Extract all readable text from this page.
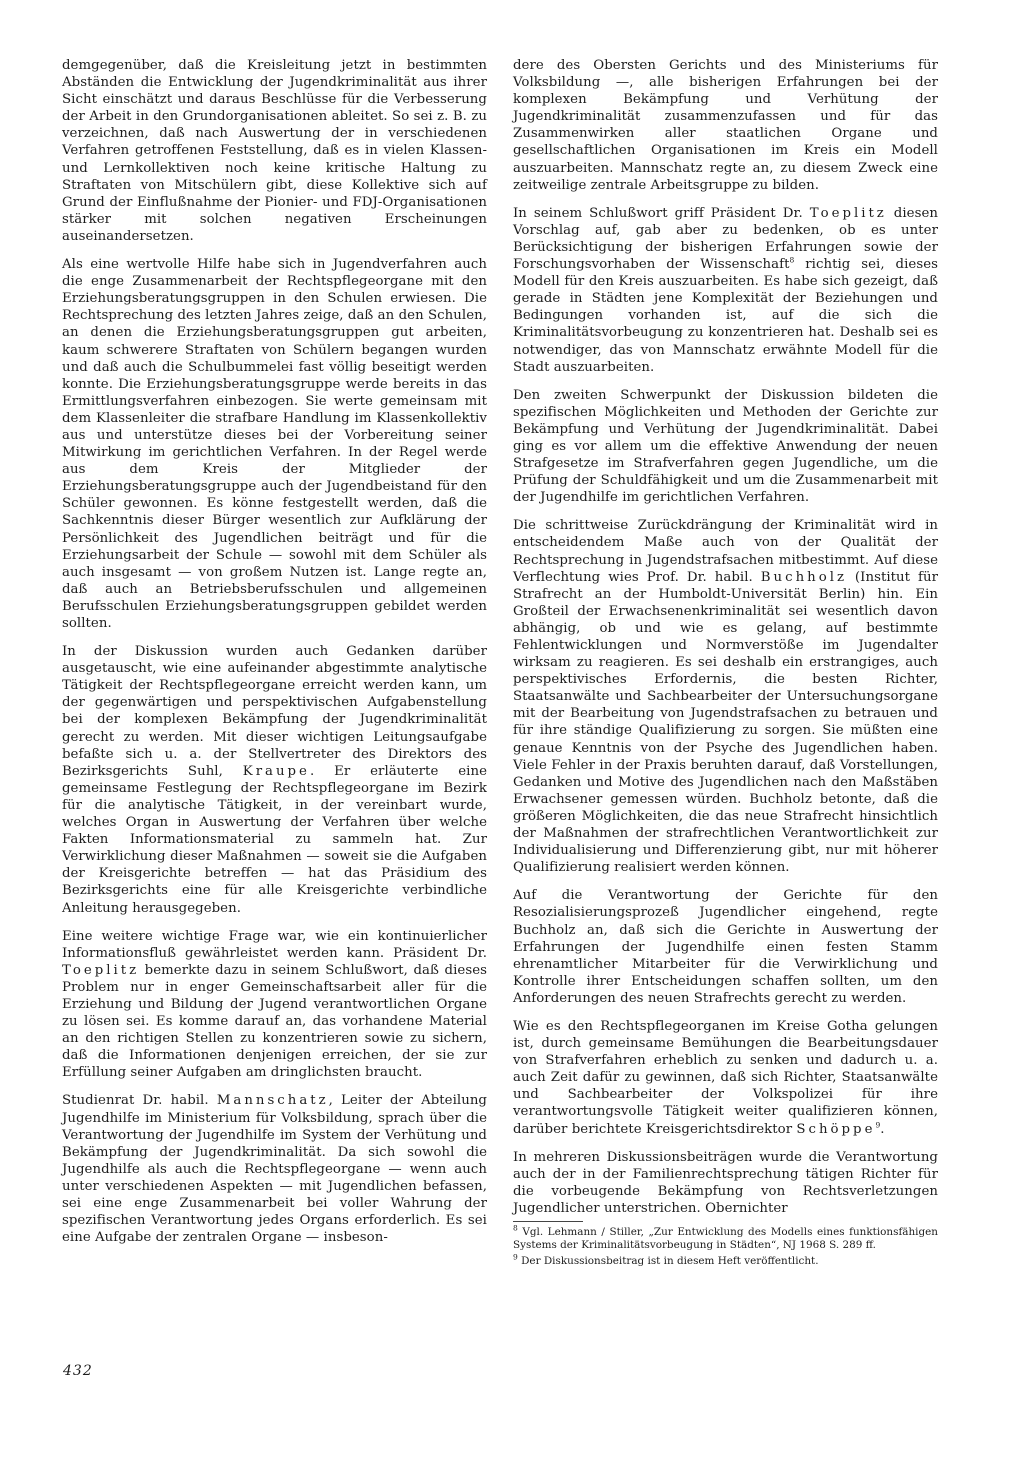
demgegenüber, daß die Kreisleitung jetzt in bestimmten Abständen die Entwicklung der Jugendkriminalität aus ihrer Sicht einschätzt und daraus Beschlüsse für die Verbesserung der Arbeit in den Grundorganisationen ableitet. So sei z. B. zu verzeichnen, daß nach Auswertung der in verschiedenen Verfahren getroffenen Feststellung, daß es in vielen Klassen- und Lernkollektiven noch keine kritische Haltung zu Straftaten von Mitschülern gibt, diese Kollektive sich auf Grund der Einflußnahme der Pionier- und FDJ-Organisationen stärker mit solchen negativen Erscheinungen auseinandersetzen.

Als eine wertvolle Hilfe habe sich in Jugendverfahren auch die enge Zusammenarbeit der Rechtspflegeorgane mit den Erziehungsberatungsgruppen in den Schulen erwiesen. Die Rechtsprechung des letzten Jahres zeige, daß an den Schulen, an denen die Erziehungsberatungsgruppen gut arbeiten, kaum schwerere Straftaten von Schülern begangen wurden und daß auch die Schulbummelei fast völlig beseitigt werden konnte. Die Erziehungsberatungsgruppe werde bereits in das Ermittlungsverfahren einbezogen. Sie werte gemeinsam mit dem Klassenleiter die strafbare Handlung im Klassenkollektiv aus und unterstütze dieses bei der Vorbereitung seiner Mitwirkung im gerichtlichen Verfahren. In der Regel werde aus dem Kreis der Mitglieder der Erziehungsberatungsgruppe auch der Jugendbeistand für den Schüler gewonnen. Es könne festgestellt werden, daß die Sachkenntnis dieser Bürger wesentlich zur Aufklärung der Persönlichkeit des Jugendlichen beiträgt und für die Erziehungsarbeit der Schule — sowohl mit dem Schüler als auch insgesamt — von großem Nutzen ist. Lange regte an, daß auch an Betriebsberufsschulen und allgemeinen Berufsschulen Erziehungsberatungsgruppen gebildet werden sollten.

In der Diskussion wurden auch Gedanken darüber ausgetauscht, wie eine aufeinander abgestimmte analytische Tätigkeit der Rechtspflegeorgane erreicht werden kann, um der gegenwärtigen und perspektivischen Aufgabenstellung bei der komplexen Bekämpfung der Jugendkriminalität gerecht zu werden. Mit dieser wichtigen Leitungsaufgabe befaßte sich u. a. der Stellvertreter des Direktors des Bezirksgerichts Suhl, Kraupe. Er erläuterte eine gemeinsame Festlegung der Rechtspflegeorgane im Bezirk für die analytische Tätigkeit, in der vereinbart wurde, welches Organ in Auswertung der Verfahren über welche Fakten Informationsmaterial zu sammeln hat. Zur Verwirklichung dieser Maßnahmen — soweit sie die Aufgaben der Kreisgerichte betreffen — hat das Präsidium des Bezirksgerichts eine für alle Kreisgerichte verbindliche Anleitung herausgegeben.

Eine weitere wichtige Frage war, wie ein kontinuierlicher Informationsfluß gewährleistet werden kann. Präsident Dr. Toeplitz bemerkte dazu in seinem Schlußwort, daß dieses Problem nur in enger Gemeinschaftsarbeit aller für die Erziehung und Bildung der Jugend verantwortlichen Organe zu lösen sei. Es komme darauf an, das vorhandene Material an den richtigen Stellen zu konzentrieren sowie zu sichern, daß die Informationen denjenigen erreichen, der sie zur Erfüllung seiner Aufgaben am dringlichsten braucht.

Studienrat Dr. habil. Mannschatz, Leiter der Abteilung Jugendhilfe im Ministerium für Volksbildung, sprach über die Verantwortung der Jugendhilfe im System der Verhütung und Bekämpfung der Jugendkriminalität. Da sich sowohl die Jugendhilfe als auch die Rechtspflegeorgane — wenn auch unter verschiedenen Aspekten — mit Jugendlichen befassen, sei eine enge Zusammenarbeit bei voller Wahrung der spezifischen Verantwortung jedes Organs erforderlich. Es sei eine Aufgabe der zentralen Organe — insbeson-

dere des Obersten Gerichts und des Ministeriums für Volksbildung —, alle bisherigen Erfahrungen bei der komplexen Bekämpfung und Verhütung der Jugendkriminalität zusammenzufassen und für das Zusammenwirken aller staatlichen Organe und gesellschaftlichen Organisationen im Kreis ein Modell auszuarbeiten. Mannschatz regte an, zu diesem Zweck eine zeitweilige zentrale Arbeitsgruppe zu bilden.

In seinem Schlußwort griff Präsident Dr. Toeplitz diesen Vorschlag auf, gab aber zu bedenken, ob es unter Berücksichtigung der bisherigen Erfahrungen sowie der Forschungsvorhaben der Wissenschaft$^8$ richtig sei, dieses Modell für den Kreis auszuarbeiten. Es habe sich gezeigt, daß gerade in Städten jene Komplexität der Beziehungen und Bedingungen vorhanden ist, auf die sich die Kriminalitätsvorbeugung zu konzentrieren hat. Deshalb sei es notwendiger, das von Mannschatz erwähnte Modell für die Stadt auszuarbeiten.

Den zweiten Schwerpunkt der Diskussion bildeten die spezifischen Möglichkeiten und Methoden der Gerichte zur Bekämpfung und Verhütung der Jugendkriminalität. Dabei ging es vor allem um die effektive Anwendung der neuen Strafgesetze im Strafverfahren gegen Jugendliche, um die Prüfung der Schuldfähigkeit und um die Zusammenarbeit mit der Jugendhilfe im gerichtlichen Verfahren.

Die schrittweise Zurückdrängung der Kriminalität wird in entscheidendem Maße auch von der Qualität der Rechtsprechung in Jugendstrafsachen mitbestimmt. Auf diese Verflechtung wies Prof. Dr. habil. Buchholz (Institut für Strafrecht an der Humboldt-Universität Berlin) hin. Ein Großteil der Erwachsenenkriminalität sei wesentlich davon abhängig, ob und wie es gelang, auf bestimmte Fehlentwicklungen und Normverstöße im Jugendalter wirksam zu reagieren. Es sei deshalb ein erstrangiges, auch perspektivisches Erfordernis, die besten Richter, Staatsanwälte und Sachbearbeiter der Untersuchungsorgane mit der Bearbeitung von Jugendstrafsachen zu betrauen und für ihre ständige Qualifizierung zu sorgen. Sie müßten eine genaue Kenntnis von der Psyche des Jugendlichen haben. Viele Fehler in der Praxis beruhten darauf, daß Vorstellungen, Gedanken und Motive des Jugendlichen nach den Maßstäben Erwachsener gemessen würden. Buchholz betonte, daß die größeren Möglichkeiten, die das neue Strafrecht hinsichtlich der Maßnahmen der strafrechtlichen Verantwortlichkeit zur Individualisierung und Differenzierung gibt, nur mit höherer Qualifizierung realisiert werden können.

Auf die Verantwortung der Gerichte für den Resozialisierungsprozeß Jugendlicher eingehend, regte Buchholz an, daß sich die Gerichte in Auswertung der Erfahrungen der Jugendhilfe einen festen Stamm ehrenamtlicher Mitarbeiter für die Verwirklichung und Kontrolle ihrer Entscheidungen schaffen sollten, um den Anforderungen des neuen Strafrechts gerecht zu werden.

Wie es den Rechtspflegeorganen im Kreise Gotha gelungen ist, durch gemeinsame Bemühungen die Bearbeitungsdauer von Strafverfahren erheblich zu senken und dadurch u. a. auch Zeit dafür zu gewinnen, daß sich Richter, Staatsanwälte und Sachbearbeiter der Volkspolizei für ihre verantwortungsvolle Tätigkeit weiter qualifizieren können, darüber berichtete Kreisgerichtsdirektor Schöppe$^9$.

In mehreren Diskussionsbeiträgen wurde die Verantwortung auch der in der Familienrechtsprechung tätigen Richter für die vorbeugende Bekämpfung von Rechtsverletzungen Jugendlicher unterstrichen. Obernichter

$^8$ Vgl. Lehmann / Stiller, „Zur Entwicklung des Modells eines funktionsfähigen Systems der Kriminalitätsvorbeugung in Städten“, NJ 1968 S. 289 ff.

$^9$ Der Diskussionsbeitrag ist in diesem Heft veröffentlicht.

432
